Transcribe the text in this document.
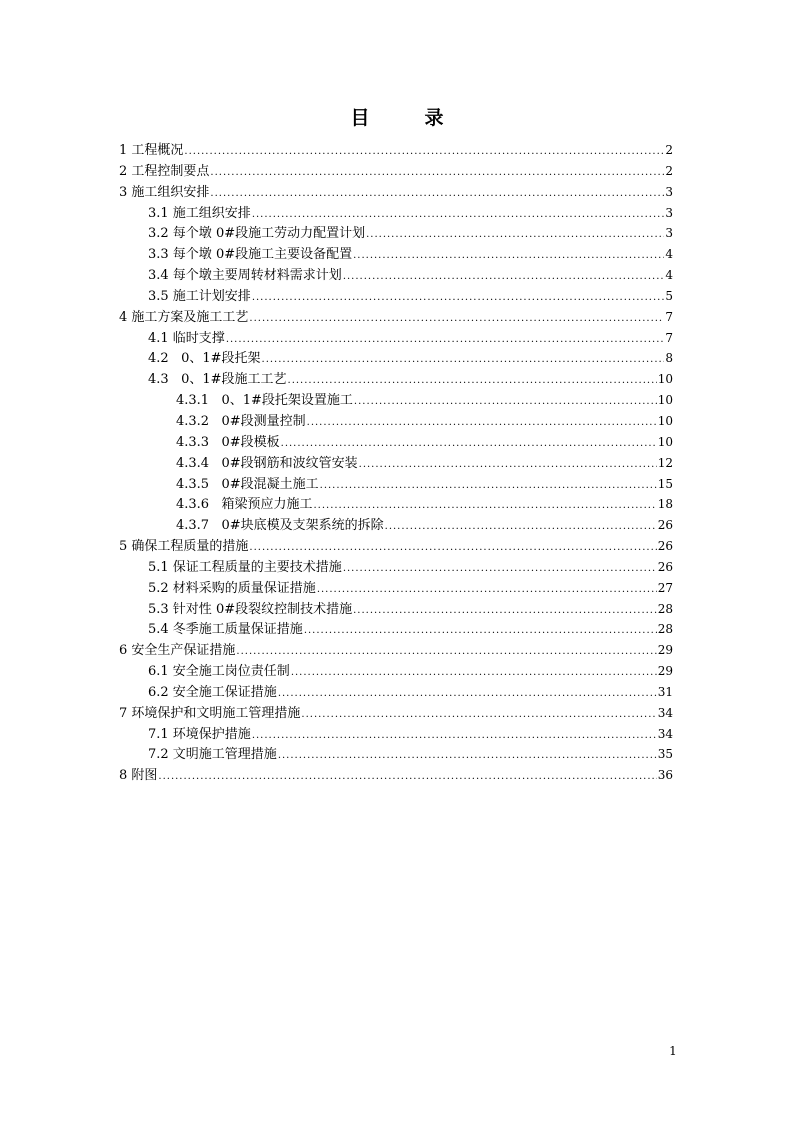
目录
1 工程概况 .....	2
2 工程控制要点 .....	2
3 施工组织安排 .....	3
3.1 施工组织安排 .....	3
3.2 每个墩 0#段施工劳动力配置计划 .....	3
3.3 每个墩 0#段施工主要设备配置 .....	4
3.4 每个墩主要周转材料需求计划 .....	4
3.5 施工计划安排 .....	5
4 施工方案及施工工艺 .....	7
4.1 临时支撑 .....	7
4.2   0、1#段托架 .....	8
4.3   0、1#段施工工艺 .....	10
4.3.1   0、1#段托架设置施工 .....	10
4.3.2   0#段测量控制 .....	10
4.3.3   0#段模板 .....	10
4.3.4   0#段钢筋和波纹管安装 .....	12
4.3.5   0#段混凝土施工 .....	15
4.3.6   箱梁预应力施工 .....	18
4.3.7   0#块底模及支架系统的拆除 .....	26
5 确保工程质量的措施 .....	26
5.1 保证工程质量的主要技术措施 .....	26
5.2 材料采购的质量保证措施 .....	27
5.3 针对性 0#段裂纹控制技术措施 .....	28
5.4 冬季施工质量保证措施 .....	28
6 安全生产保证措施 .....	29
6.1 安全施工岗位责任制 .....	29
6.2 安全施工保证措施 .....	31
7 环境保护和文明施工管理措施 .....	34
7.1 环境保护措施 .....	34
7.2 文明施工管理措施 .....	35
8 附图 .....	36
1
